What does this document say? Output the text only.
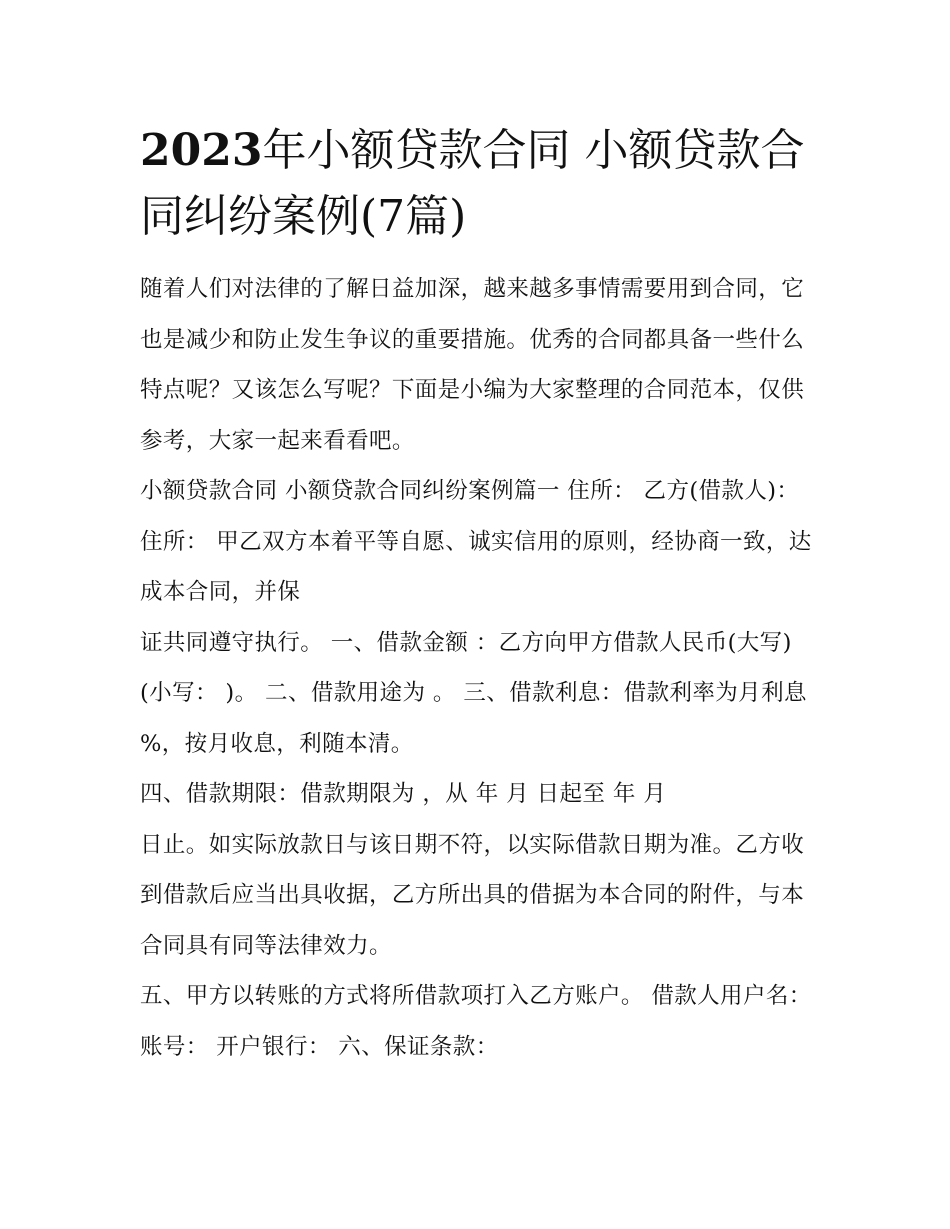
2023年小额贷款合同 小额贷款合同纠纷案例(7篇)

随着人们对法律的了解日益加深，越来越多事情需要用到合同，它也是减少和防止发生争议的重要措施。优秀的合同都具备一些什么特点呢？又该怎么写呢？下面是小编为大家整理的合同范本，仅供参考，大家一起来看看吧。

小额贷款合同 小额贷款合同纠纷案例篇一 住所： 乙方(借款人)： 住所： 甲乙双方本着平等自愿、诚实信用的原则，经协商一致，达成本合同，并保

证共同遵守执行。 一、借款金额 ：乙方向甲方借款人民币(大写) (小写： )。 二、借款用途为 。 三、借款利息：借款利率为月利息 %，按月收息，利随本清。

四、借款期限：借款期限为 ，从 年 月 日起至 年 月

日止。如实际放款日与该日期不符，以实际借款日期为准。乙方收到借款后应当出具收据，乙方所出具的借据为本合同的附件，与本合同具有同等法律效力。

五、甲方以转账的方式将所借款项打入乙方账户。 借款人用户名： 账号： 开户银行： 六、保证条款：
